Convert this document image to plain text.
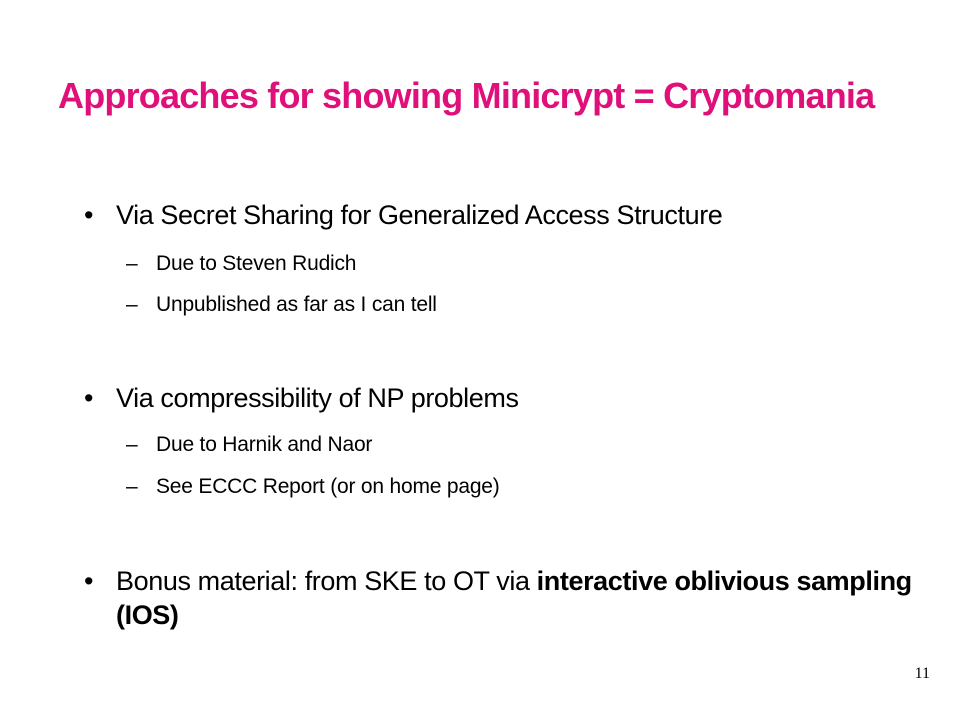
Approaches for showing Minicrypt = Cryptomania
• Via Secret Sharing for Generalized Access Structure
– Due to Steven Rudich
– Unpublished as far as I can tell
• Via compressibility of NP problems
– Due to Harnik and Naor
– See ECCC Report (or on home page)
• Bonus material: from SKE to OT via interactive oblivious sampling (IOS)
11
